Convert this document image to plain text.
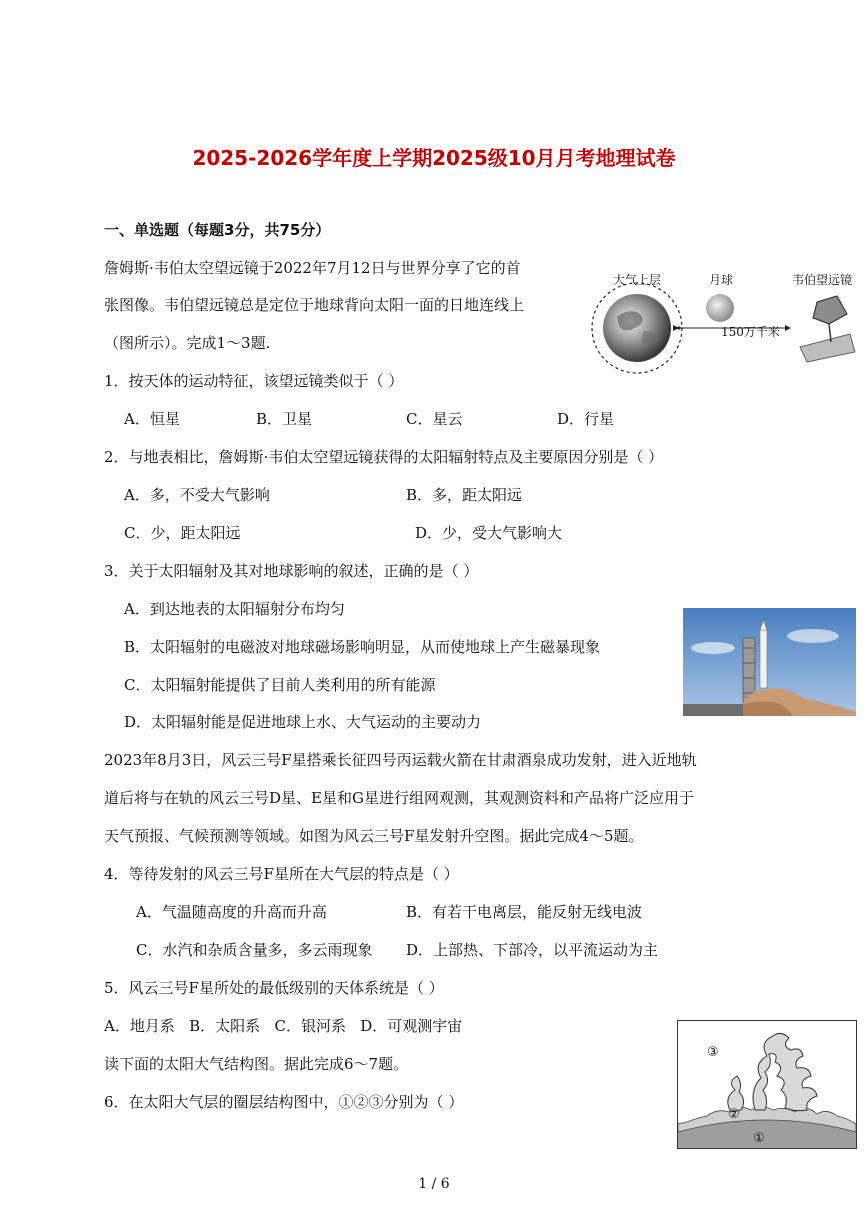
2025-2026学年度上学期2025级10月月考地理试卷
一、单选题（每题3分，共75分）
詹姆斯·韦伯太空望远镜于2022年7月12日与世界分享了它的首
张图像。韦伯望远镜总是定位于地球背向太阳一面的日地连线上
（图所示）。完成1～3题.
大气上层	月球	韦伯望远镜
150万千米
1．按天体的运动特征，该望远镜类似于（ ）
A．恒星	B．卫星	C．星云	D．行星
2．与地表相比，詹姆斯·韦伯太空望远镜获得的太阳辐射特点及主要原因分别是（ ）
A．多，不受大气影响	B．多，距太阳远
C．少，距太阳远	D．少，受大气影响大
3．关于太阳辐射及其对地球影响的叙述，正确的是（ ）
A．到达地表的太阳辐射分布均匀
B．太阳辐射的电磁波对地球磁场影响明显，从而使地球上产生磁暴现象
C．太阳辐射能提供了目前人类利用的所有能源
D．太阳辐射能是促进地球上水、大气运动的主要动力
2023年8月3日，风云三号F星搭乘长征四号丙运载火箭在甘肃酒泉成功发射，进入近地轨
道后将与在轨的风云三号D星、E星和G星进行组网观测，其观测资料和产品将广泛应用于
天气预报、气候预测等领域。如图为风云三号F星发射升空图。据此完成4～5题。
4．等待发射的风云三号F星所在大气层的特点是（ ）
A．气温随高度的升高而升高	B．有若干电离层，能反射无线电波
C．水汽和杂质含量多，多云雨现象 D．上部热、下部冷，以平流运动为主
5．风云三号F星所处的最低级别的天体系统是（ ）
A．地月系   B．太阳系   C．银河系   D．可观测宇宙
读下面的太阳大气结构图。据此完成6～7题。
6．在太阳大气层的圈层结构图中，①②③分别为（ ）
①
②
③
1 / 6
